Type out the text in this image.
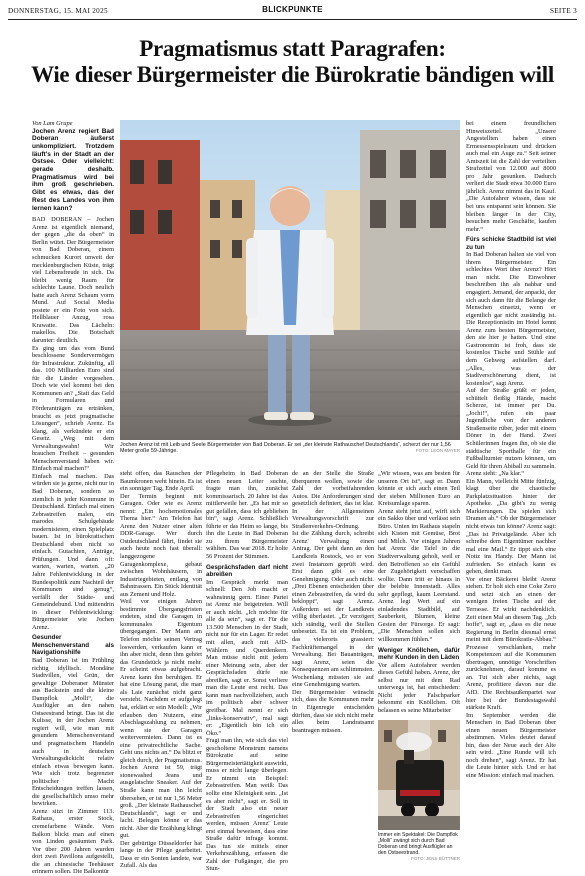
DONNERSTAG, 15. MAI 2025	BLICKPUNKTE	SEITE 3
Pragmatismus statt Paragrafen:
Wie dieser Bürgermeister die Bürokratie bändigen will

Von Lam Grupe

Jochen Arenz regiert Bad Doberan äußerst unkompliziert. Trotzdem läuft's in der Stadt an der Ostsee. Oder vielleicht: gerade deshalb. Pragmatismus wird bei ihm groß geschrieben. Gibt es etwas, das der Rest des Landes von ihm lernen kann?

BAD DOBERAN – Jochen Arenz ist eigentlich niemand, der gegen „die da oben“ in Berlin wütet. Der Bürgermeister von Bad Doberan, einem schmucken Kurort unweit der mecklenburgischen Küste, trägt viel Lebensfreude in sich. Da bleibt wenig Raum für schlechte Laune. Doch neulich hatte auch Arenz Schaum vorm Mund. Auf Social Media postete er ein Foto von sich. Hellblauer Anzug, rosa Krawatte. Das Lächeln: makellos. Die Botschaft darunter: deutlich.

Es ging um das vom Bund beschlossene Sondervermögen für Infrastruktur. Zukünftig, all das. 100 Milliarden Euro sind für die Länder vorgesehen. Doch wie viel kommt bei den Kommunen an? „Statt das Geld in Formularen und Förderanträgen zu ertränken, braucht es jetzt pragmatische Lösungen“, schrieb Arenz. Es klang, als verkündete er ein Gesetz. „Weg mit dem Verwaltungswahn! Wir brauchen Freiheit – gesunden Menschenverstand haben wir. Einfach mal machen!“

Einfach mal machen. Das würden sie ja gerne, nicht nur in Bad Doberan, sondern so ziemlich in jeder Kommune in Deutschland. Einfach mal einen Zebrastreifen malen, ein marodes Schulgebäude modernisieren, einen Spielplatz bauen. Ist in bürokratischen Deutschland eben nicht so einfach. Gutachten, Anträge, Prüfungen. Und dann oft: warten, warten, warten. „20 Jahre Fehlentwicklung in der Bundespolitik zum Nachteil der Kommunen sind genug“, verfällt der Städte- und Gemeindebund. Und mittendrin in dieser Fehlentwicklung: Bürgermeister wie Jochen Arenz.

Gesunder Menschenverstand als Navigationshilfe

Bad Doberan ist im Frühling richtig idyllisch. Mondäne Stadtvillen, viel Grün, der gewaltige Doberaner Münster aus Backstein und die kleine Dampflok „Molli“, die Ausflügler an den nahen Ostseestrand bringt. Das ist die Kulisse, in der Jochen Arenz regiert will, wie man mit gesundem Menschenverstand und pragmatischem Handeln auch in deutschen Verwaltungsdickicht relativ einfach etwas bewegen kann. Wie sich trotz begrenzter politischer Macht Entscheidungen treffen lassen, die gesellschaftlich umso mehr bewirken.

Arenz sitzt in Zimmer 113. Rathaus, erster Stock, cremefarbene Wände. Vom Balkon blickt man auf einen von Linden gesäumten Park. Vor über 200 Jahren wurden dort zwei Pavillons aufgestellt, die an chinesische Teehäuser erinnern sollen. Die Balkontür

Jochen Arenz ist mit Leib und Seele Bürgermeister von Bad Doberan. Er sei „der kleinste Rathauschef Deutschlands“, scherzt der nur 1,56 Meter große 59-Jährige.	FOTO: LEON MAYER

steht offen, das Rauschen der Baumkronen weht hinein. Es ist ein sonniger Tag, Ende April.

Der Termin beginnt mit Garagen. Oder wie es Arenz nennt: „Ein hochemotionales Thema hier.“ Am Telefon hat Arenz den Nutzer einer alten DDR-Garage. Wer durch Ostdeutschland fährt, findet sie auch heute noch fast überall: langgezogene Garagenkomplexe, gebaut zwischen Wohnhäusern, in Industriegebieten, entlang von Bahntrassen. Ein Stück Identität aus Zement und Holz.

Weil vor einigen Jahren bestimmte Übergangsfristen endeten, sind die Garagen in kommunales Eigentum übergegangen. Der Mann am Telefon möchte seinen Vertrag loswerden, verkaufen kann er ihn aber nicht, denn ihm gehört das Grundstück ja nicht mehr. Er scheint etwas aufgebracht. Arenz kann ihn beruhigen. Er hat eine Lösung parat, die man als Laie zunächst nicht ganz versteht. Nachdem er aufgelegt hat, erklärt er sein Modell: „Wir erlauben den Nutzern, eine Abschlagszahlung zu nehmen, wenn sie der Garagen weitervermieten. Dann ist es eine privatrechtliche Sache. Geht uns nichts an.“ Da blitzt er gleich durch, der Pragmatismus.

Jochen Arenz ist 59, trägt stonewashed Jeans und ausgelatschte Sneaker. Auf der Straße kann man ihn leicht übersehen, er ist nur 1,56 Meter groß. „Der kleinste Rathauschef Deutschlands“, sagt er und lacht. Belegen könne er das nicht. Aber die Erzählung klingt gut.

Der gebürtige Düsseldorfer hat lange in der Pflege gearbeitet. Dass er ein Sonten landete, war Zufall. Als das

Pflegeheim in Bad Doberan einen neuen Leiter suchte, fragte man ihn, zunächst kommissarisch. 20 Jahre ist das mittlerweile her. „Es hat mir so gut gefallen, dass ich geblieben bin“, sagt Arenz. Schließlich führte er das Heim so lange, bis ihn die Leute in Bad Doberan zu ihrem Bürgermeister wählten. Das war 2018. Er holte 56 Prozent der Stimmen.

Gesprächsfaden darf nicht abreißen

Im Gespräch merkt man schnell: Den Job macht er wahnsinnig gern. Einer Partei ist Arenz nie beigetreten. Will er auch nicht. „Ich möchte für alle da sein“, sagt er. Für die 13.500 Menschen in der Stadt, nicht nur für ein Lager. Er redet mit allen, auch mit AfD-Wählern und Querdenkern. Man müsse nicht mit jedem einer Meinung sein, aber der Gesprächsfaden dürfe nie abreißen, sagt er. Sonst verliere man die Leute erst recht. Das kann man nachvollziehen, auch im politisch aber schwer greifbar. Mal nennt er sich „links-konservativ“, mal sagt er: „Eigentlich bin ich ein Öko.“

Fragt man ihn, wie sich das viel gescholtene Monstrum namens Bürokratie auf seine Bürgermeistertätigkeit auswirkt, muss er nicht lange überlegen. Er nimmt ein Beispiel: Zebrastreifen. Man weiß: Das sollte eine Kleinigkeit sein. „Ist es aber nicht“, sagt er. Soll in der Stadt also ein neuer Zebrastreifen eingerichtet werden, müssen Arenz' Leute erst einmal beweisen, dass eine Straße dafür infrage kommt. Das tun sie mittels einer Verkehrszählung, erfassen die Zahl der Fußgänger, die pro Stun-

de an der Stelle die Straße überqueren wollen, sowie die Zahl der vorbeifahrenden Autos. Die Anforderungen sind gesetzlich definiert, das ist klar. In der Allgemeinen Verwaltungsvorschrift zur Straßenverkehrs-Ordnung.

Ist die Zählung durch, schreibt Arenz' Verwaltung einen Antrag. Der geht dann an den Landkreis Rostock, wo er von zwei Instanzen geprüft wird. Erst dann gibt es eine Genehmigung. Oder auch nicht. „Drei Ebenen entscheiden über einen Zebrastreifen, da wird du bekloppt“, sagt Arenz. Außerdem sei der Landkreis völlig überlastet. „Er verzögert sich ständig, weil die Stellen unbesetzt. Es ist ein Problem, das vielerorts grassiert: Fachkräftemangel in der Verwaltung. Bei Bauanträgen, sagt Arenz, seien die Konsequenzen am schlimmsten. Wochenlang müssten sie auf eine Genehmigung warten.

Der Bürgermeister wünscht sich, dass die Kommunen mehr in Eigenregie entscheiden dürften, dass sie sich nicht mehr alles beim Landratsamt beantragen müssen.

„Wir wissen, was am besten für unseren Ort ist“, sagt er. Dann könnte er sich auch einen Teil der sieben Millionen Euro an Kreisumlage sparen.

Arenz steht jetzt auf, wirft sich ein Sakko über und verlässt sein Büro. Unten im Rathaus stapeln sich Kisten mit Gemüse, Brot und Milch. Vor einigen Jahren hat Arenz die Tafel in die Stadtverwaltung geholt, weil er den Betroffenen so ein Gefühl der Zugehörigkeit verschaffen wollte. Dann tritt er hinaus in die belebte Innenstadt. Alles sehr gepflegt, kaum Leerstand. Arenz legt Wert auf ein einladendes Stadtbild, auf Sauberkeit, Blumen, kleine Gesten der Fürsorge. Er sagt: „Die Menschen sollen sich willkommen fühlen.“

Weniger Knöllchen, dafür mehr Kunden in den Läden

Vor allem Autofahrer werden dieses Gefühl haben. Arenz, der selbst nur mit dem Rad unterwegs ist, hat entschieden: Nicht jeder Falschparker bekommt ein Knöllchen. Oft belassen es seine Mitarbeiter

Immer ein Spektakel: Die Dampflok „Molli“ zwängt sich durch Bad Doberan und bringt Ausflügler an den Ostseestrand.
FOTO: JENS BÜTTNER

bei einem freundlichen Hinweiszettel. „Unsere Angestellten haben einen Ermessensspielraum und drücken auch mal ein Auge zu.“ Seit seiner Amtszeit ist die Zahl der verteilten Strafzettel von 12.000 auf 8000 pro Jahr gesunken. Dadurch verliert die Stadt etwa 30.000 Euro jährlich. Arenz nimmt das in Kauf. „Die Autofahrer wissen, dass sie bei uns entspannt sein können. Sie bleiben länger in der City, besuchen mehr Geschäfte, kaufen mehr.“

Fürs schicke Stadtbild ist viel zu tun

In Bad Doberan halten sie viel von ihrem Bürgermeister. Ein schlechtes Wort über Arenz? Hört man nicht. Die Einwohner beschreiben ihn als nahbar und engagiert. Jemand, der anpackt, der sich auch dann für die Belange der Menschen einsetzt, wenn er eigentlich gar nicht zuständig ist. Die Rezeptionistin im Hotel kennt Arenz zum besten Bürgermeister, den sie hier je hatten. Und eine Gastronomin ist froh, dass sie kostenlos Tische und Stühle auf dem Gehweg aufstellen darf. „Alles, was der Stadtverschönerung dient, ist kostenlos“, sagt Arenz.

Auf der Straße grüßt er jeden, schüttelt fleißig Hände, macht Scherze, ist immer per Du. „Jochi!“, rufen ein paar Jugendliche von der anderen Straßenseite rüber, jeder mit einem Döner in der Hand. Zwei Schülerinnen fragen ihn, ob sie die städtische Sporthalle für ein Fußballturnier nutzen können, um Geld für ihren Abiball zu sammeln. Arenz sieht: „Na klar.“

Ein Mann, vielleicht Mitte fünfzig, klagt über die chaotische Parkplatzsituation hinter der Apotheke. „Da gibt's zu wenig Markierungen. Da spielen sich Dramen ab.“ Ob der Bürgermeister nicht etwas tun könne? Arenz sagt: „Das ist Privatgelände. Aber ich schreibe dem Eigentümer nachher mal eine Mail.“ Er tippt sich eine Notiz ins Handy. Der Mann ist zufrieden. So einfach kann es gehen, denkt man.

Vor einer Bäckerei bleibt Arenz stehen. Er holt sich eine Coke Zero und setzt sich an einen der wenigen freien Tische auf der Terrasse. Er wirkt nachdenklich. Zeit einen Mal an diesem Tag. „Ich hoffe“, sagt er, „dass es die neue Regierung in Berlin diesmal ernst meint mit dem Bürokratie-Abbau.“ Prozesse verschlanken, mehr Kompetenzen auf die Kommunen übertragen, unnötige Vorschriften zurücknehmen, darauf komme es an. Tut sich aber nichts, sagt Arenz, profitiere davon nur die AfD. Die Rechtsaußenpartei war hier bei der Bundestagswahl stärkste Kraft.

Im September werden die Menschen in Bad Doberan über einen neuen Bürgermeister abstimmen. Vieles deutet darauf hin, dass der Neue auch der Alte sein wird. „Eine Runde will ich noch drehen“, sagt Arenz. Er hat die Leute hinter sich. Und er hat eine Mission: einfach mal machen.
